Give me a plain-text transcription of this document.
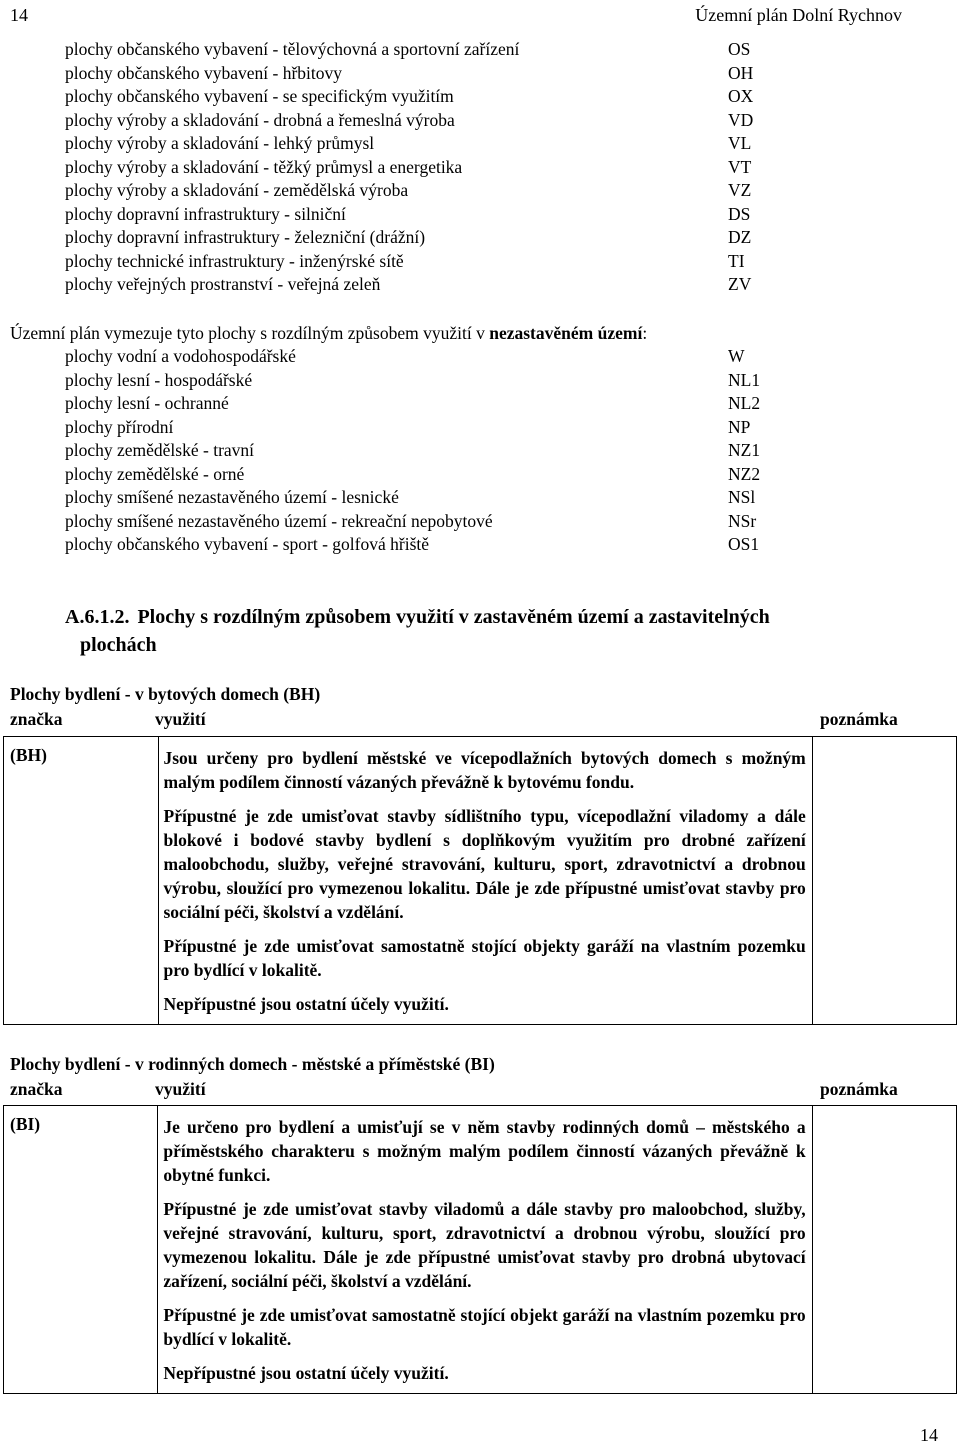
14	Územní plán Dolní Rychnov
plochy občanského vybavení - tělovýchovná a sportovní zařízení	OS
plochy občanského vybavení - hřbitovy	OH
plochy občanského vybavení - se specifickým využitím	OX
plochy výroby a skladování - drobná a řemeslná výroba	VD
plochy výroby a skladování - lehký průmysl	VL
plochy výroby a skladování - těžký průmysl a energetika	VT
plochy výroby a skladování - zemědělská výroba	VZ
plochy dopravní infrastruktury - silniční	DS
plochy dopravní infrastruktury - železniční (drážní)	DZ
plochy technické infrastruktury - inženýrské sítě	TI
plochy veřejných prostranství - veřejná zeleň	ZV
Územní plán vymezuje tyto plochy s rozdílným způsobem využití v nezastavěném území:
plochy vodní a vodohospodářské	W
plochy lesní - hospodářské	NL1
plochy lesní - ochranné	NL2
plochy přírodní	NP
plochy zemědělské - travní	NZ1
plochy zemědělské - orné	NZ2
plochy smíšené nezastavěného území - lesnické	NSl
plochy smíšené nezastavěného území - rekreační nepobytové	NSr
plochy občanského vybavení - sport - golfová hřiště	OS1
A.6.1.2. Plochy s rozdílným způsobem využití v zastavěném území a zastavitelných
plochách
Plochy bydlení - v bytových domech (BH)
značka	využití	poznámka
(BH)	Jsou určeny pro bydlení městské ve vícepodlažních bytových domech s možným malým podílem činností vázaných převážně k bytovému fondu.

Přípustné je zde umisťovat stavby sídlištního typu, vícepodlažní viladomy a dále blokové i bodové stavby bydlení s doplňkovým využitím pro drobné zařízení maloobchodu, služby, veřejné stravování, kulturu, sport, zdravotnictví a drobnou výrobu, sloužící pro vymezenou lokalitu. Dále je zde přípustné umisťovat stavby pro sociální péči, školství a vzdělání.

Přípustné je zde umisťovat samostatně stojící objekty garáží na vlastním pozemku pro bydlící v lokalitě.

Nepřípustné jsou ostatní účely využití.

Plochy bydlení - v rodinných domech - městské a příměstské (BI)
značka	využití	poznámka
(BI)	Je určeno pro bydlení a umisťují se v něm stavby rodinných domů – městského a příměstského charakteru s možným malým podílem činností vázaných převážně k obytné funkci.

Přípustné je zde umisťovat stavby viladomů a dále stavby pro maloobchod, služby, veřejné stravování, kulturu, sport, zdravotnictví a drobnou výrobu, sloužící pro vymezenou lokalitu. Dále je zde přípustné umisťovat stavby pro drobná ubytovací zařízení, sociální péči, školství a vzdělání.

Přípustné je zde umisťovat samostatně stojící objekt garáží na vlastním pozemku pro bydlící v lokalitě.

Nepřípustné jsou ostatní účely využití.

14
